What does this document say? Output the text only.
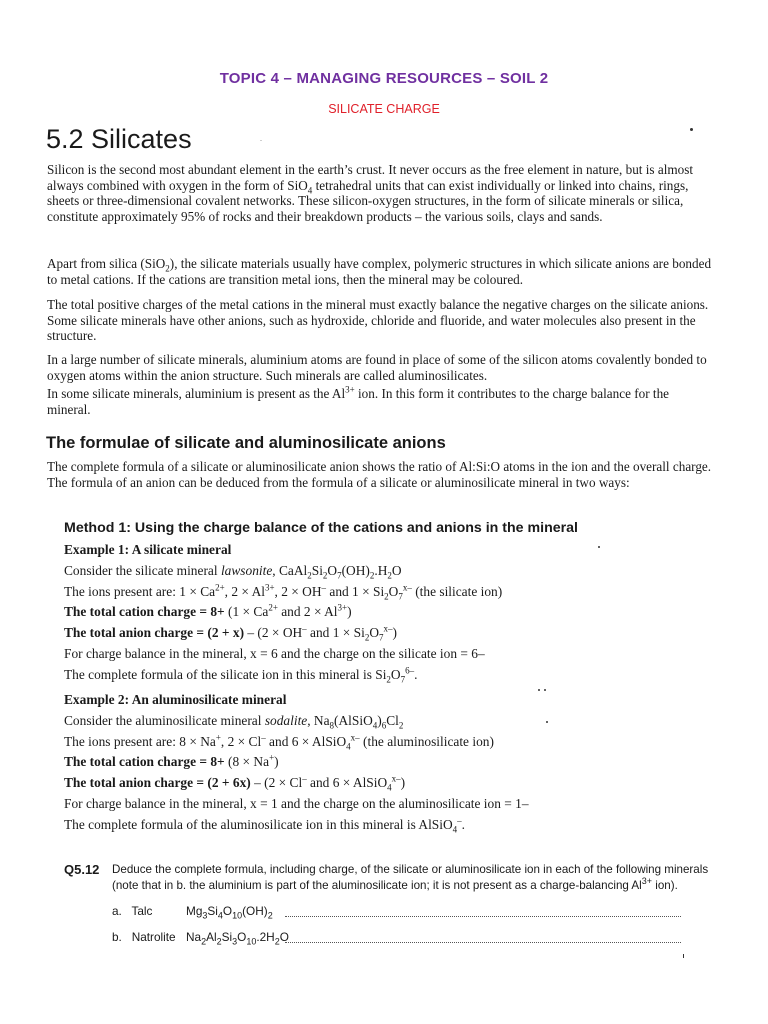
TOPIC 4 – MANAGING RESOURCES – SOIL 2
SILICATE CHARGE
5.2 Silicates
Silicon is the second most abundant element in the earth’s crust. It never occurs as the free element in nature, but is almost always combined with oxygen in the form of SiO$_4$ tetrahedral units that can exist individually or linked into chains, rings, sheets or three-dimensional covalent networks. These silicon-oxygen structures, in the form of silicate minerals or silica, constitute approximately 95% of rocks and their breakdown products – the various soils, clays and sands.
Apart from silica (SiO$_2$), the silicate materials usually have complex, polymeric structures in which silicate anions are bonded to metal cations. If the cations are transition metal ions, then the mineral may be coloured.
The total positive charges of the metal cations in the mineral must exactly balance the negative charges on the silicate anions. Some silicate minerals have other anions, such as hydroxide, chloride and fluoride, and water molecules also present in the structure.
In a large number of silicate minerals, aluminium atoms are found in place of some of the silicon atoms covalently bonded to oxygen atoms within the anion structure. Such minerals are called aluminosilicates.
In some silicate minerals, aluminium is present as the $Al^{3+}$ ion. In this form it contributes to the charge balance for the mineral.
The formulae of silicate and aluminosilicate anions
The complete formula of a silicate or aluminosilicate anion shows the ratio of Al:Si:O atoms in the ion and the overall charge. The formula of an anion can be deduced from the formula of a silicate or aluminosilicate mineral in two ways:
Method 1: Using the charge balance of the cations and anions in the mineral
Example 1: A silicate mineral
Consider the silicate mineral lawsonite, $CaAl_2Si_2O_7(OH)_2.H_2O$
The ions present are: $1 \times Ca^{2+}$, $2 \times Al^{3+}$, 2 × OH– and $1 \times Si_2O_7^{x-}$ (the silicate ion)
The total cation charge = $8+ (1 \times Ca^{2+}$ and $2 \times Al^{3+}$)
The total anion charge = (2 + x) – (2 × OH– and $1 \times Si_2O_7^{x-}$)
For charge balance in the mineral, x = 6 and the charge on the silicate ion = 6–
The complete formula of the silicate ion in this mineral is $Si_2O_7^{6-}$.
Example 2: An aluminosilicate mineral
Consider the aluminosilicate mineral sodalite, $Na_8(AlSiO_4)_6Cl_2$
The ions present are: 8 × Na+, 2 × Cl– and 6 × AlSiO$_4^{x-}$ (the aluminosilicate ion)
The total cation charge = 8+ (8 × Na+)
The total anion charge = (2 + 6x) – (2 × Cl– and 6 × AlSiO$_4^{x-}$)
For charge balance in the mineral, x = 1 and the charge on the aluminosilicate ion = 1–
The complete formula of the aluminosilicate ion in this mineral is AlSiO$_4$–.
Q5.12 Deduce the complete formula, including charge, of the silicate or aluminosilicate ion in each of the following minerals (note that in b. the aluminium is part of the aluminosilicate ion; it is not present as a charge-balancing $Al^{3+}$ ion).
a. Talc	$Mg_3Si_4O_{10}(OH)_2$
b. Natrolite $Na_2Al_2Si_3O_{10}.2H_2O$
